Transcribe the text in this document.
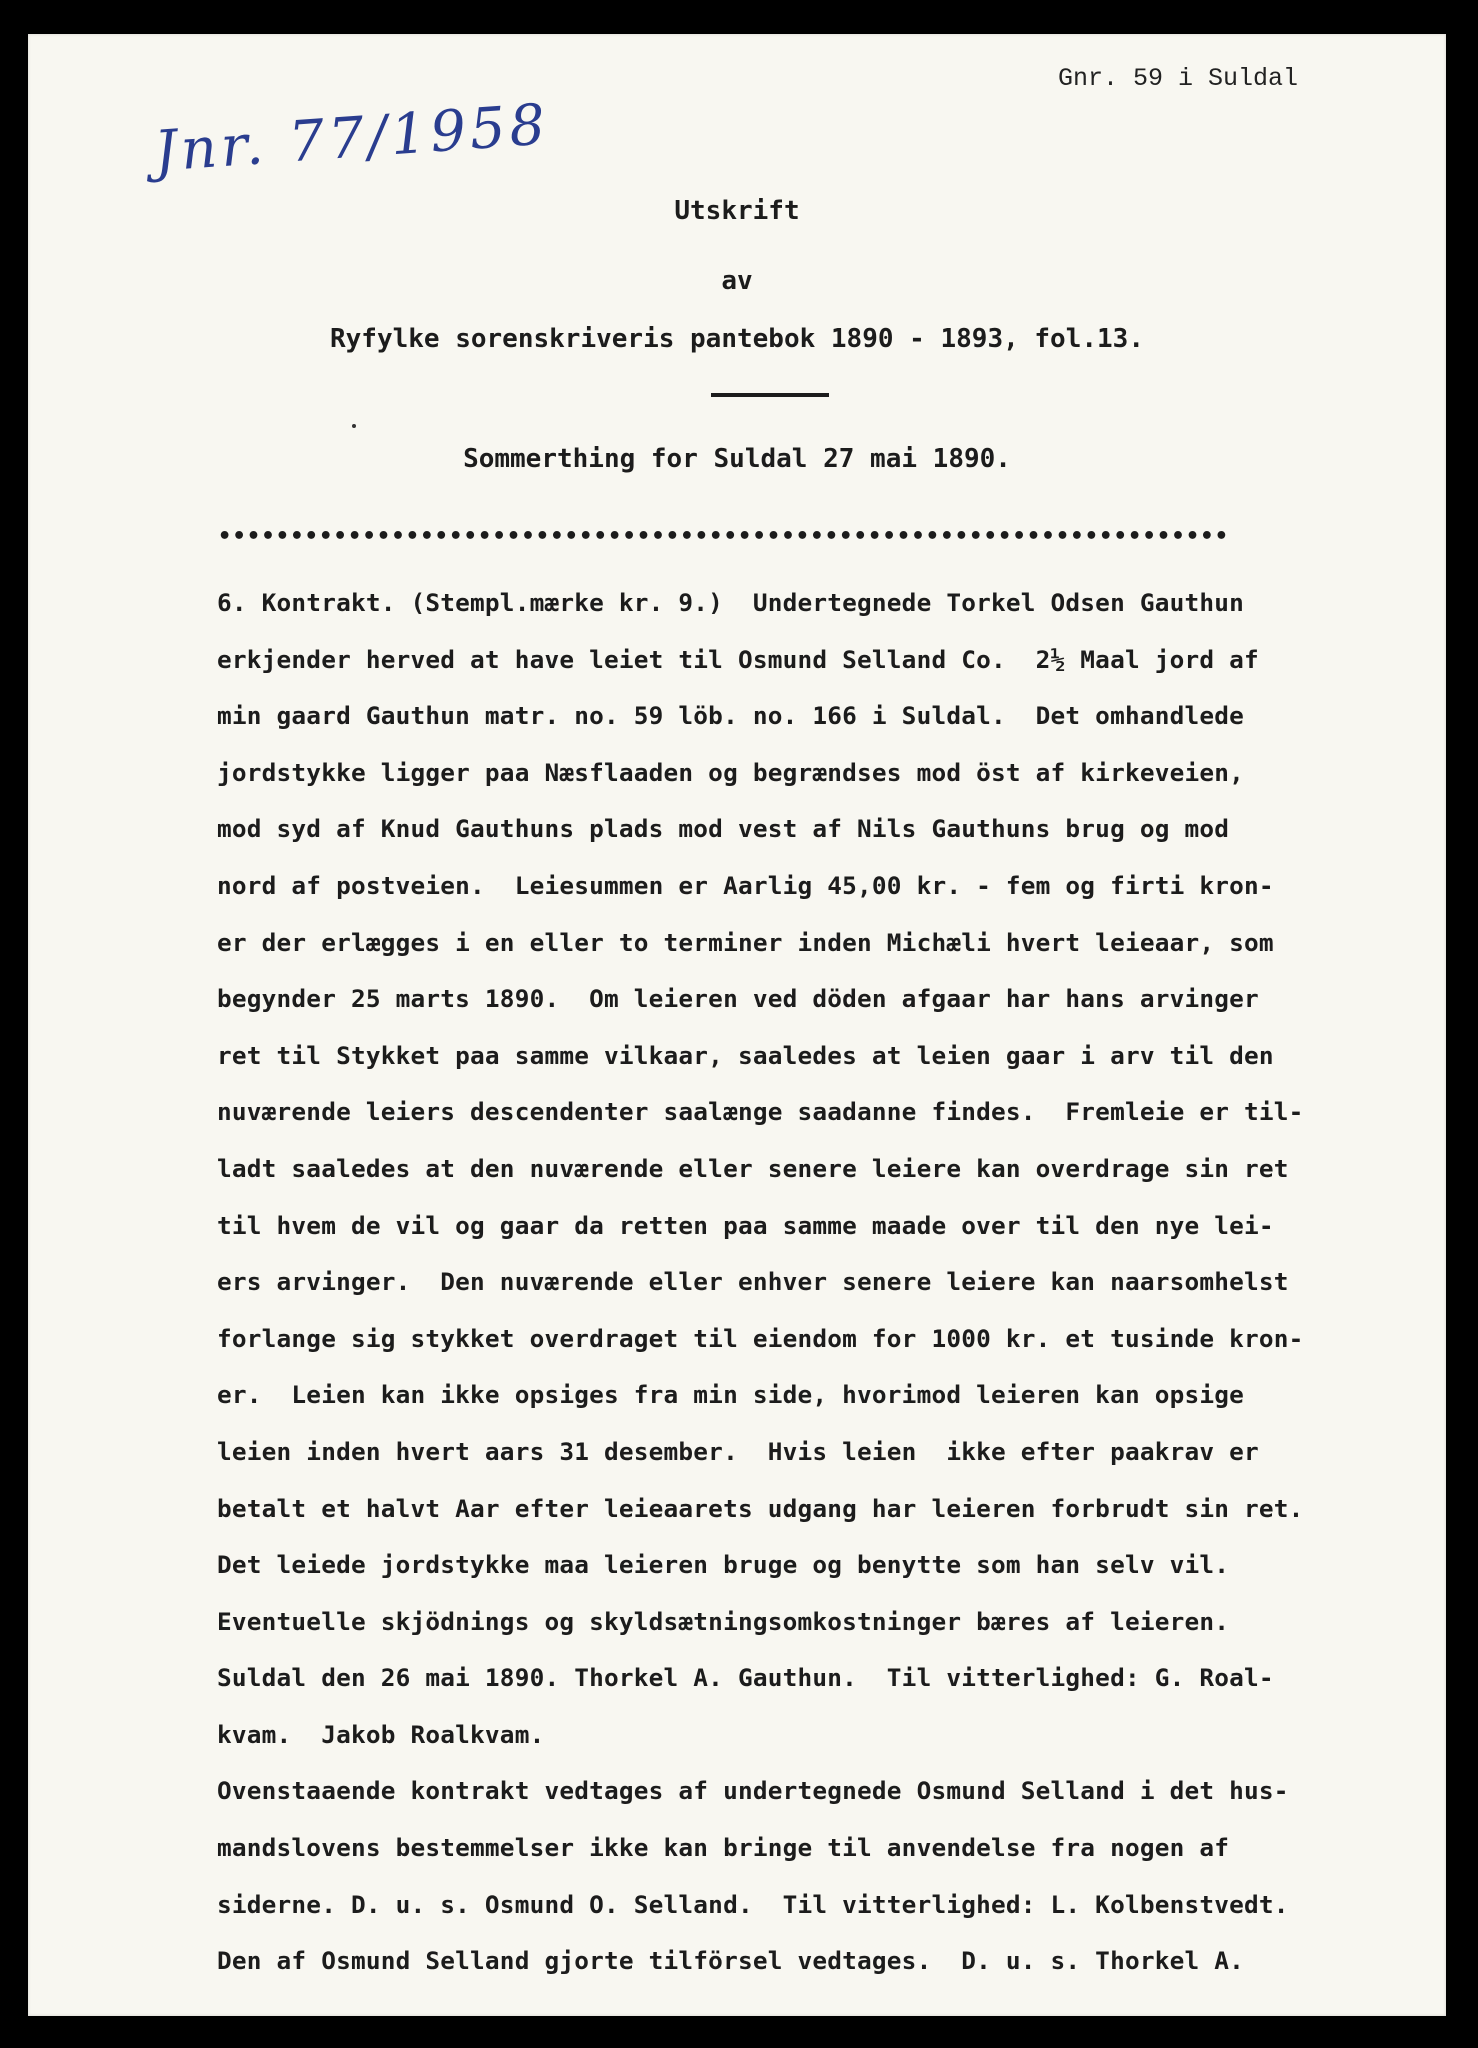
Gnr. 59 i Suldal
Jnr. 77/1958
Utskrift
av
Ryfylke sorenskriveris pantebok 1890 - 1893, fol.13.
Sommerthing for Suldal 27 mai 1890.
••••••••••••••••••••••••••••••••••••••••••••••••••••••••••••••••••••••
6. Kontrakt. (Stempl.mærke kr. 9.)  Undertegnede Torkel Odsen Gauthun
erkjender herved at have leiet til Osmund Selland Co.  2½ Maal jord af
min gaard Gauthun matr. no. 59 löb. no. 166 i Suldal.  Det omhandlede
jordstykke ligger paa Næsflaaden og begrændses mod öst af kirkeveien,
mod syd af Knud Gauthuns plads mod vest af Nils Gauthuns brug og mod
nord af postveien.  Leiesummen er Aarlig 45,00 kr. - fem og firti kron-
er der erlægges i en eller to terminer inden Michæli hvert leieaar, som
begynder 25 marts 1890.  Om leieren ved döden afgaar har hans arvinger
ret til Stykket paa samme vilkaar, saaledes at leien gaar i arv til den
nuværende leiers descendenter saalænge saadanne findes.  Fremleie er til-
ladt saaledes at den nuværende eller senere leiere kan overdrage sin ret
til hvem de vil og gaar da retten paa samme maade over til den nye lei-
ers arvinger.  Den nuværende eller enhver senere leiere kan naarsomhelst
forlange sig stykket overdraget til eiendom for 1000 kr. et tusinde kron-
er.  Leien kan ikke opsiges fra min side, hvorimod leieren kan opsige
leien inden hvert aars 31 desember.  Hvis leien  ikke efter paakrav er
betalt et halvt Aar efter leieaarets udgang har leieren forbrudt sin ret.
Det leiede jordstykke maa leieren bruge og benytte som han selv vil.
Eventuelle skjödnings og skyldsætningsomkostninger bæres af leieren.
Suldal den 26 mai 1890. Thorkel A. Gauthun.  Til vitterlighed: G. Roal-
kvam.  Jakob Roalkvam.
Ovenstaaende kontrakt vedtages af undertegnede Osmund Selland i det hus-
mandslovens bestemmelser ikke kan bringe til anvendelse fra nogen af
siderne. D. u. s. Osmund O. Selland.  Til vitterlighed: L. Kolbenstvedt.
Den af Osmund Selland gjorte tilförsel vedtages.  D. u. s. Thorkel A.
